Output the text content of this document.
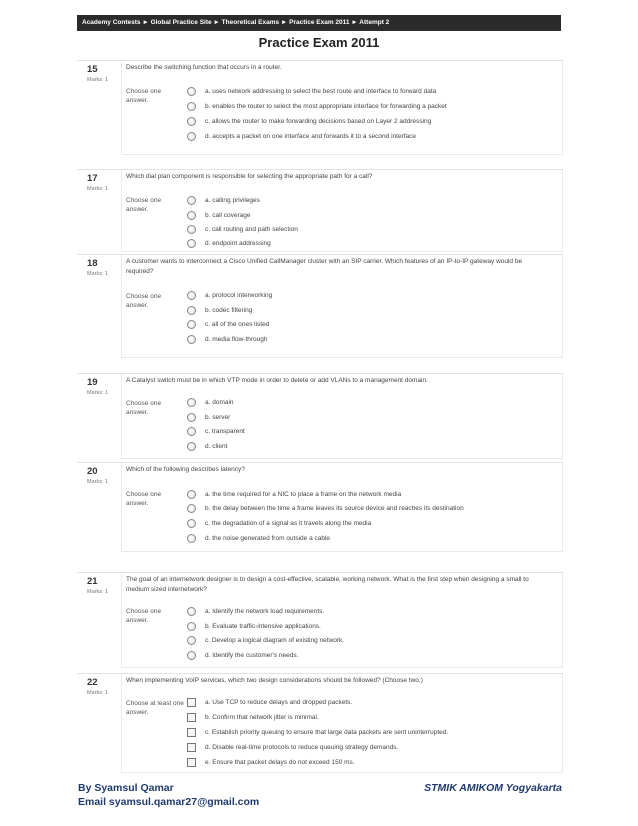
Academy Contests ► Global Practice Site ► Theoretical Exams ► Practice Exam 2011 ► Attempt 2
Practice Exam 2011
15
Marks: 1
Describe the switching function that occurs in a router.
Choose one answer.
a. uses network addressing to select the best route and interface to forward data
b. enables the router to select the most appropriate interface for forwarding a packet
c. allows the router to make forwarding decisions based on Layer 2 addressing
d. accepts a packet on one interface and forwards it to a second interface
17
Marks: 1
Which dial plan component is responsible for selecting the appropriate path for a call?
Choose one answer.
a. calling privileges
b. call coverage
c. call routing and path selection
d. endpoint addressing
18
Marks: 1
A customer wants to interconnect a Cisco Unified CallManager cluster with an SIP carrier. Which features of an IP-to-IP gateway would be required?
Choose one answer.
a. protocol interworking
b. codec filtering
c. all of the ones listed
d. media flow-through
19
Marks: 1
A Catalyst switch must be in which VTP mode in order to delete or add VLANs to a management domain.
Choose one answer.
a. domain
b. server
c. transparent
d. client
20
Marks: 1
Which of the following describes latency?
Choose one answer.
a. the time required for a NIC to place a frame on the network media
b. the delay between the time a frame leaves its source device and reaches its destination
c. the degradation of a signal as it travels along the media
d. the noise generated from outside a cable
21
Marks: 1
The goal of an internetwork designer is to design a cost-effective, scalable, working network. What is the first step when designing a small to medium sized internetwork?
Choose one answer.
a. Identify the network load requirements.
b. Evaluate traffic-intensive applications.
c. Develop a logical diagram of existing network.
d. Identify the customer's needs.
22
Marks: 1
When implementing VoIP services, which two design considerations should be followed? (Choose two.)
Choose at least one answer.
a. Use TCP to reduce delays and dropped packets.
b. Confirm that network jitter is minimal.
c. Establish priority queuing to ensure that large data packets are sent uninterrupted.
d. Disable real-time protocols to reduce queuing strategy demands.
e. Ensure that packet delays do not exceed 150 ms.
By Syamsul Qamar
Email syamsul.qamar27@gmail.com
STMIK AMIKOM Yogyakarta
